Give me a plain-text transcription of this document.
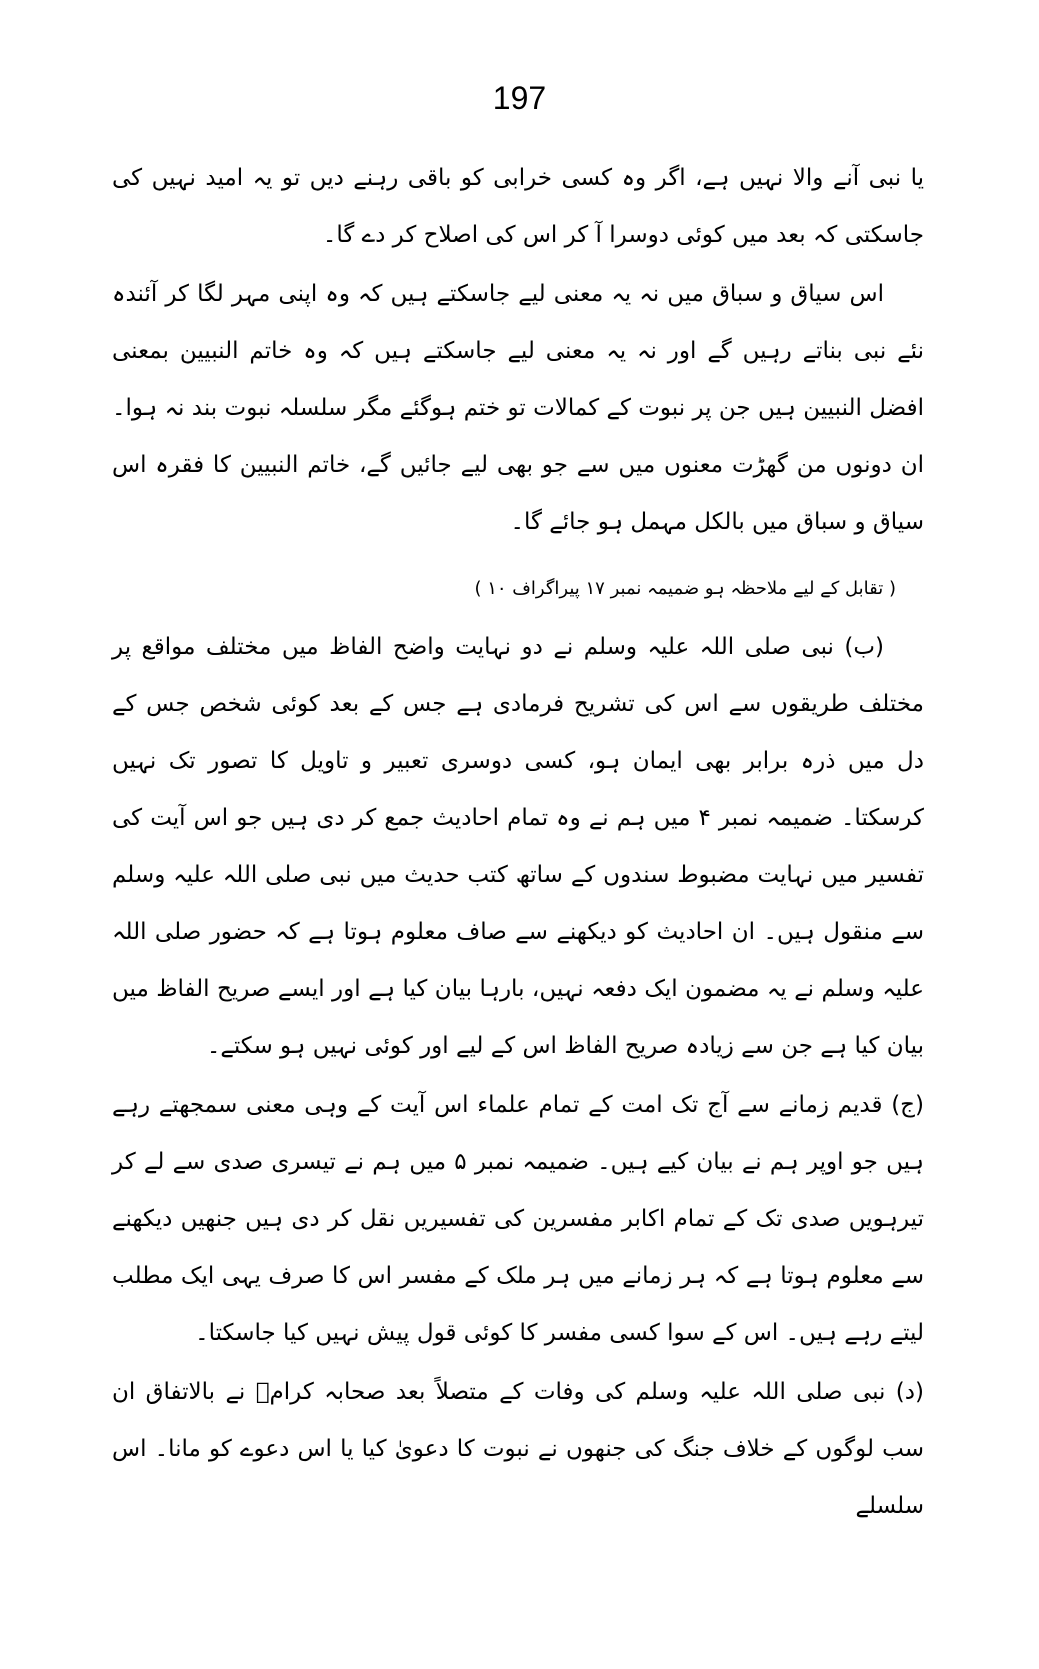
197

یا نبی آنے والا نہیں ہے، اگر وہ کسی خرابی کو باقی رہنے دیں تو یہ امید نہیں کی جاسکتی کہ بعد میں کوئی دوسرا آ کر اس کی اصلاح کر دے گا۔

اس سیاق و سباق میں نہ یہ معنی لیے جاسکتے ہیں کہ وہ اپنی مہر لگا کر آئندہ نئے نبی بناتے رہیں گے اور نہ یہ معنی لیے جاسکتے ہیں کہ وہ خاتم النبیین بمعنی افضل النبیین ہیں جن پر نبوت کے کمالات تو ختم ہوگئے مگر سلسلہ نبوت بند نہ ہوا۔ ان دونوں من گھڑت معنوں میں سے جو بھی لیے جائیں گے، خاتم النبیین کا فقرہ اس سیاق و سباق میں بالکل مہمل ہو جائے گا۔

( تقابل کے لیے ملاحظہ ہو ضمیمہ نمبر ۱۷ پیراگراف ۱۰ )

(ب) نبی صلی اللہ علیہ وسلم نے دو نہایت واضح الفاظ میں مختلف مواقع پر مختلف طریقوں سے اس کی تشریح فرمادی ہے جس کے بعد کوئی شخص جس کے دل میں ذرہ برابر بھی ایمان ہو، کسی دوسری تعبیر و تاویل کا تصور تک نہیں کرسکتا۔ ضمیمہ نمبر ۴ میں ہم نے وہ تمام احادیث جمع کر دی ہیں جو اس آیت کی تفسیر میں نہایت مضبوط سندوں کے ساتھ کتب حدیث میں نبی صلی اللہ علیہ وسلم سے منقول ہیں۔ ان احادیث کو دیکھنے سے صاف معلوم ہوتا ہے کہ حضور صلی اللہ علیہ وسلم نے یہ مضمون ایک دفعہ نہیں، بارہا بیان کیا ہے اور ایسے صریح الفاظ میں بیان کیا ہے جن سے زیادہ صریح الفاظ اس کے لیے اور کوئی نہیں ہو سکتے۔

(ج) قدیم زمانے سے آج تک امت کے تمام علماء اس آیت کے وہی معنی سمجھتے رہے ہیں جو اوپر ہم نے بیان کیے ہیں۔ ضمیمہ نمبر ۵ میں ہم نے تیسری صدی سے لے کر تیرہویں صدی تک کے تمام اکابر مفسرین کی تفسیریں نقل کر دی ہیں جنھیں دیکھنے سے معلوم ہوتا ہے کہ ہر زمانے میں ہر ملک کے مفسر اس کا صرف یہی ایک مطلب لیتے رہے ہیں۔ اس کے سوا کسی مفسر کا کوئی قول پیش نہیں کیا جاسکتا۔

(د) نبی صلی اللہ علیہ وسلم کی وفات کے متصلاً بعد صحابہ کرامؓ نے بالاتفاق ان سب لوگوں کے خلاف جنگ کی جنھوں نے نبوت کا دعویٰ کیا یا اس دعوے کو مانا۔ اس سلسلے
